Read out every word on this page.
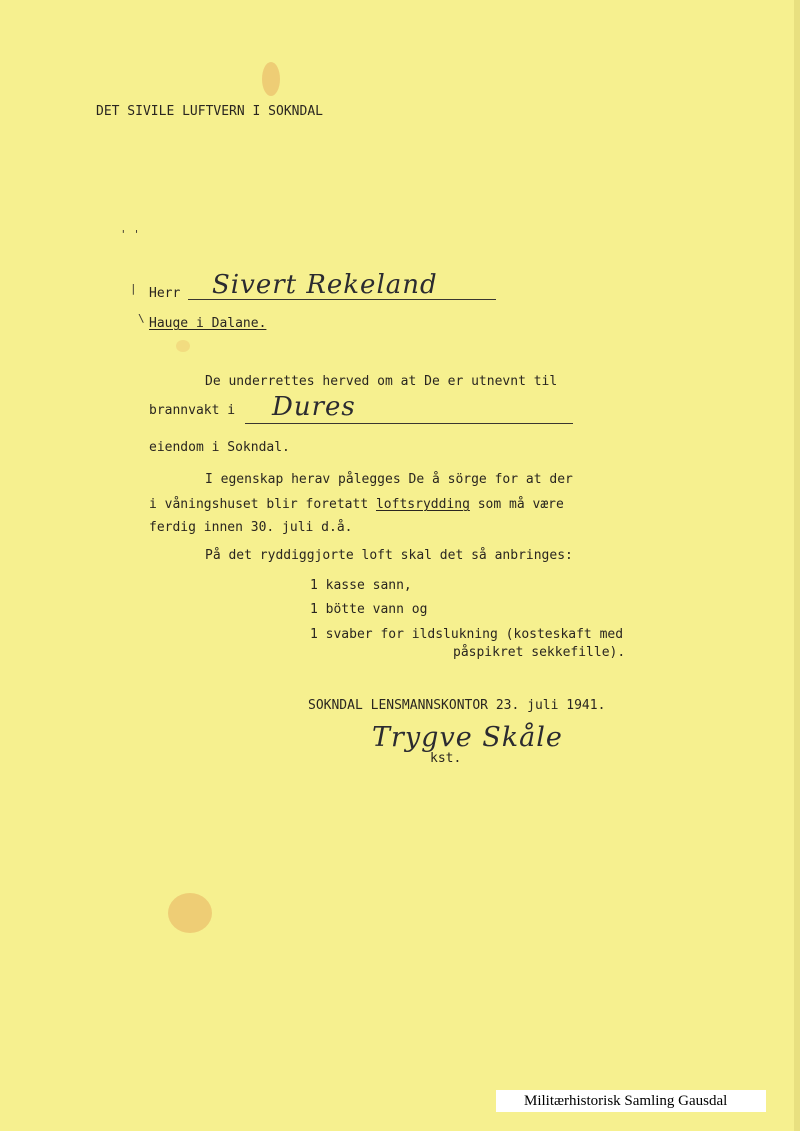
DET SIVILE LUFTVERN I SOKNDAL
' '
|
\
Herr Sivert Rekeland
Hauge i Dalane.
De underrettes herved om at De er utnevnt til
brannvakt i Dures
eiendom i Sokndal.
I egenskap herav pålegges De å sörge for at der
i våningshuset blir foretatt loftsrydding som må være
ferdig innen 30. juli d.å.
På det ryddiggjorte loft skal det så anbringes:
1 kasse sann,
1 bötte vann og
1 svaber for ildslukning (kosteskaft med
påspikret sekkefille).
SOKNDAL LENSMANNSKONTOR 23. juli 1941.
Trygve Skåle
kst.
Militærhistorisk Samling Gausdal
